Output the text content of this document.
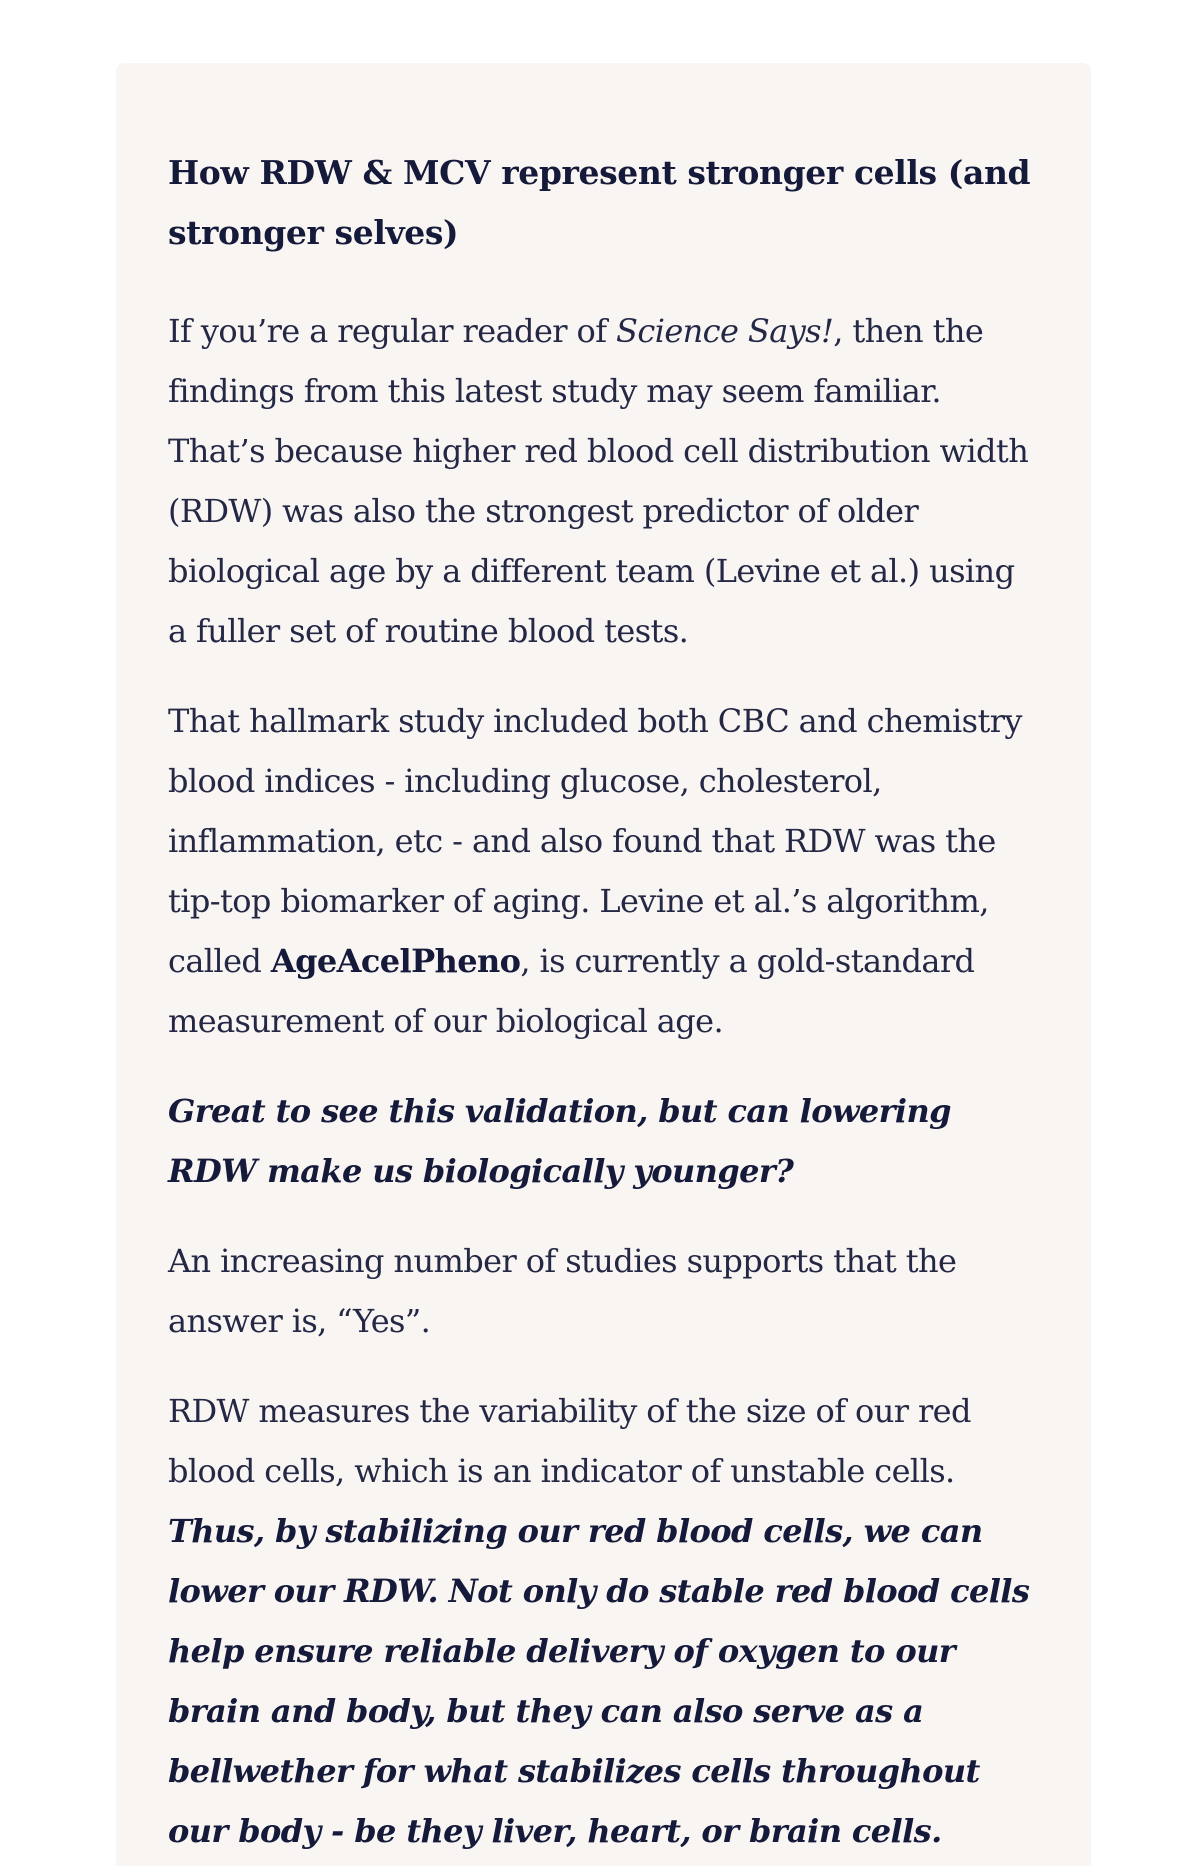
How RDW & MCV represent stronger cells (and stronger selves)

If you’re a regular reader of Science Says!, then the findings from this latest study may seem familiar. That’s because higher red blood cell distribution width (RDW) was also the strongest predictor of older biological age by a different team (Levine et al.) using a fuller set of routine blood tests.

That hallmark study included both CBC and chemistry blood indices - including glucose, cholesterol, inflammation, etc - and also found that RDW was the tip-top biomarker of aging. Levine et al.’s algorithm, called AgeAcelPheno, is currently a gold-standard measurement of our biological age.

Great to see this validation, but can lowering RDW make us biologically younger?

An increasing number of studies supports that the answer is, “Yes”.

RDW measures the variability of the size of our red blood cells, which is an indicator of unstable cells. Thus, by stabilizing our red blood cells, we can lower our RDW. Not only do stable red blood cells help ensure reliable delivery of oxygen to our brain and body, but they can also serve as a bellwether for what stabilizes cells throughout our body - be they liver, heart, or brain cells.
